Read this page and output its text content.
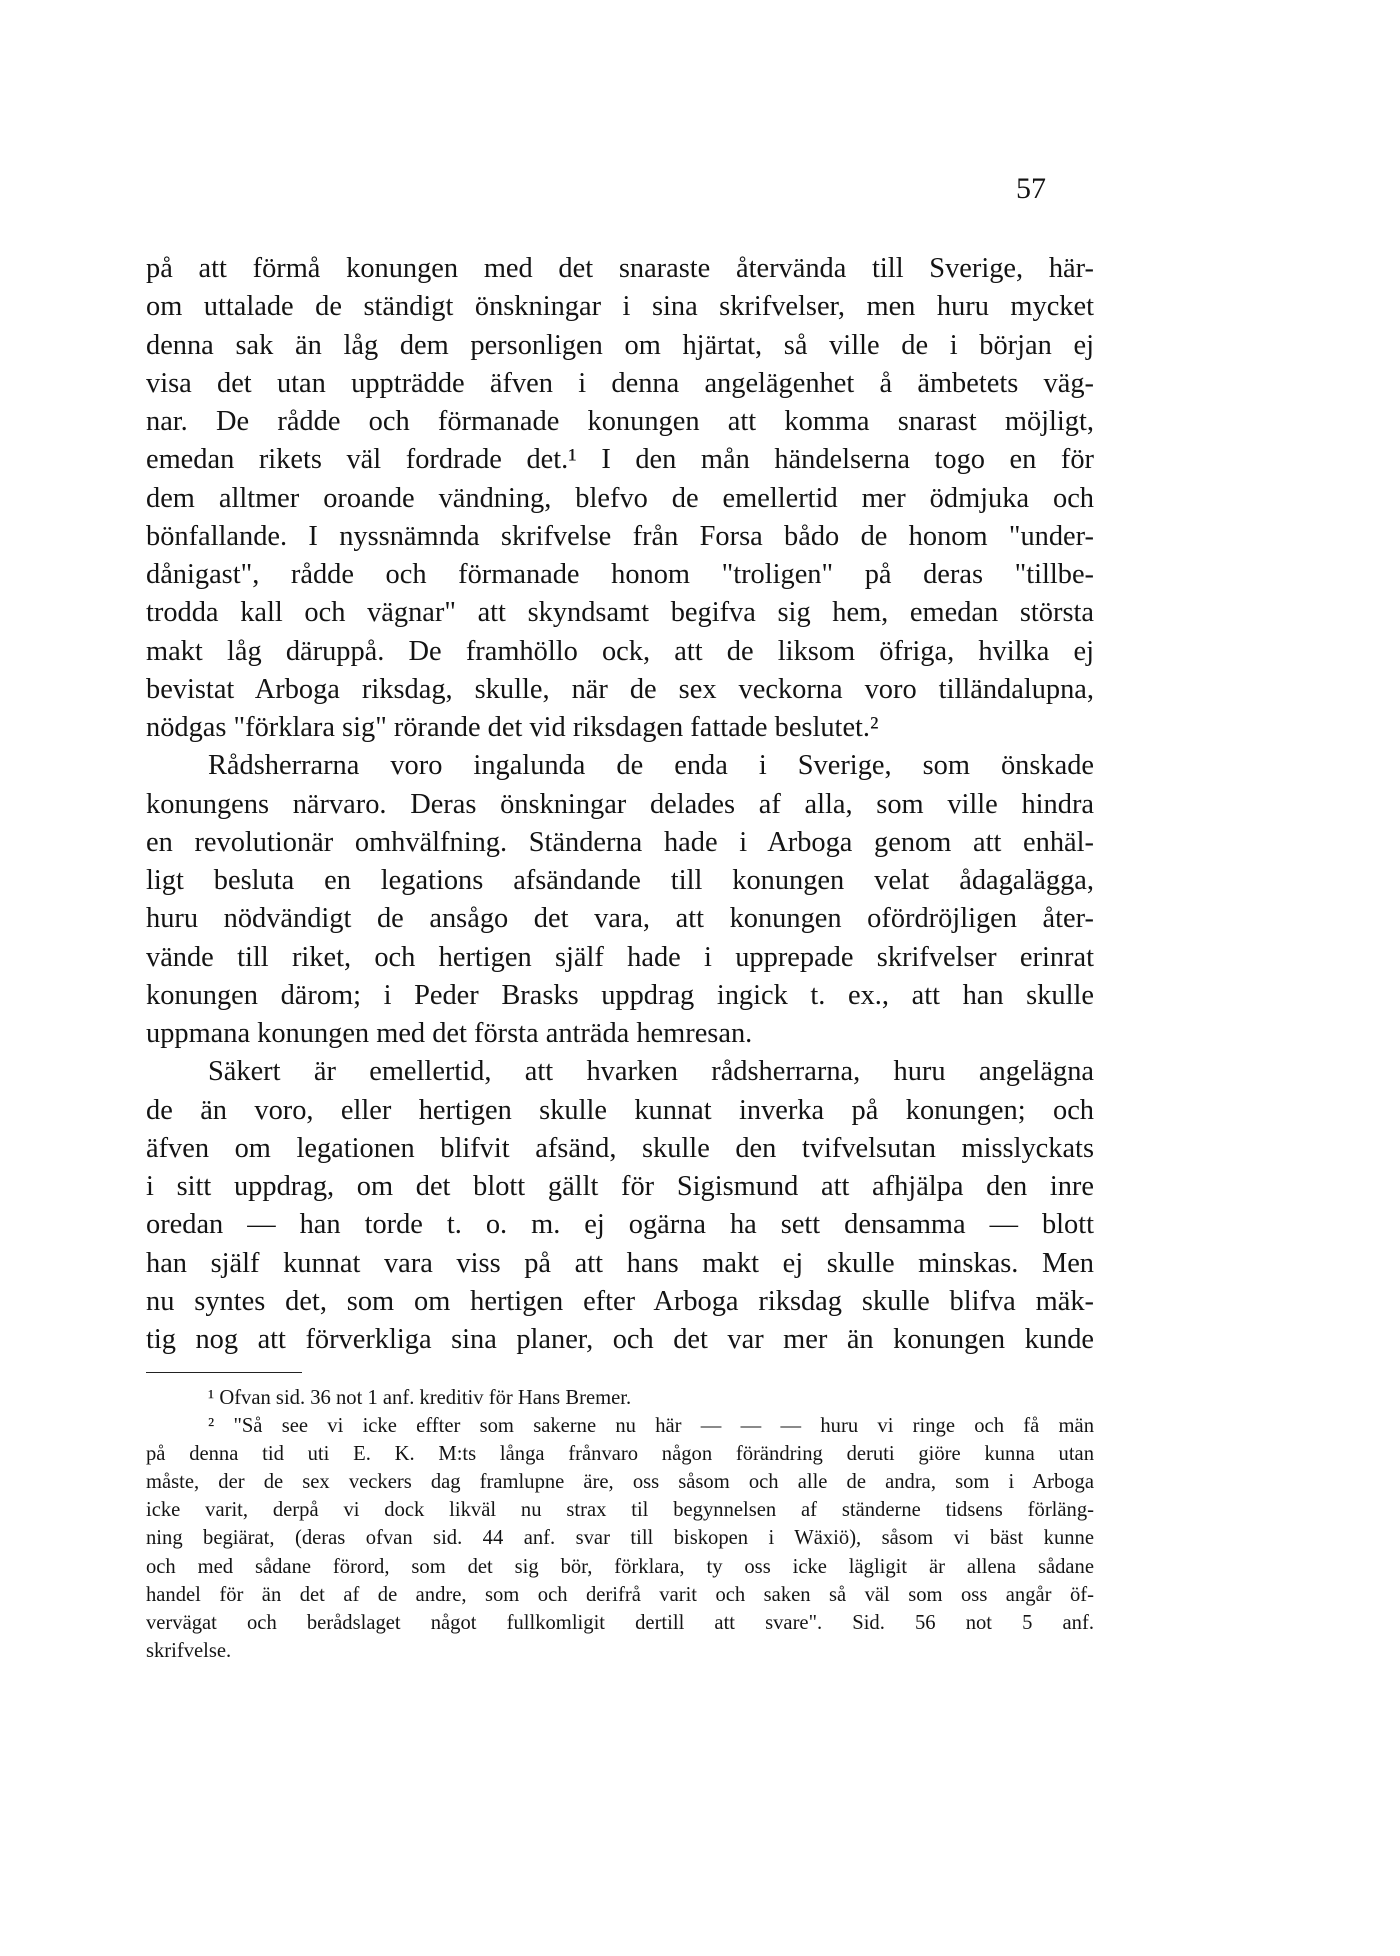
57
på att förmå konungen med det snaraste återvända till Sverige, här-
om uttalade de ständigt önskningar i sina skrifvelser, men huru mycket
denna sak än låg dem personligen om hjärtat, så ville de i början ej
visa det utan uppträdde äfven i denna angelägenhet å ämbetets väg-
nar. De rådde och förmanade konungen att komma snarast möjligt,
emedan rikets väl fordrade det.¹ I den mån händelserna togo en för
dem alltmer oroande vändning, blefvo de emellertid mer ödmjuka och
bönfallande. I nyssnämnda skrifvelse från Forsa bådo de honom "under-
dånigast", rådde och förmanade honom "troligen" på deras "tillbe-
trodda kall och vägnar" att skyndsamt begifva sig hem, emedan största
makt låg däruppå. De framhöllo ock, att de liksom öfriga, hvilka ej
bevistat Arboga riksdag, skulle, när de sex veckorna voro tilländalupna,
nödgas "förklara sig" rörande det vid riksdagen fattade beslutet.²
Rådsherrarna voro ingalunda de enda i Sverige, som önskade
konungens närvaro. Deras önskningar delades af alla, som ville hindra
en revolutionär omhvälfning. Ständerna hade i Arboga genom att enhäl-
ligt besluta en legations afsändande till konungen velat ådagalägga,
huru nödvändigt de ansågo det vara, att konungen ofördröjligen åter-
vände till riket, och hertigen själf hade i upprepade skrifvelser erinrat
konungen därom; i Peder Brasks uppdrag ingick t. ex., att han skulle
uppmana konungen med det första anträda hemresan.
Säkert är emellertid, att hvarken rådsherrarna, huru angelägna
de än voro, eller hertigen skulle kunnat inverka på konungen; och
äfven om legationen blifvit afsänd, skulle den tvifvelsutan misslyckats
i sitt uppdrag, om det blott gällt för Sigismund att afhjälpa den inre
oredan — han torde t. o. m. ej ogärna ha sett densamma — blott
han själf kunnat vara viss på att hans makt ej skulle minskas. Men
nu syntes det, som om hertigen efter Arboga riksdag skulle blifva mäk-
tig nog att förverkliga sina planer, och det var mer än konungen kunde
¹ Ofvan sid. 36 not 1 anf. kreditiv för Hans Bremer.
² "Så see vi icke effter som sakerne nu här — — — huru vi ringe och få män
på denna tid uti E. K. M:ts långa frånvaro någon förändring deruti giöre kunna utan
måste, der de sex veckers dag framlupne äre, oss såsom och alle de andra, som i Arboga
icke varit, derpå vi dock likväl nu strax til begynnelsen af ständerne tidsens förläng-
ning begiärat, (deras ofvan sid. 44 anf. svar till biskopen i Wäxiö), såsom vi bäst kunne
och med sådane förord, som det sig bör, förklara, ty oss icke lägligit är allena sådane
handel för än det af de andre, som och derifrå varit och saken så väl som oss angår öf-
vervägat och berådslaget något fullkomligit dertill att svare". Sid. 56 not 5 anf.
skrifvelse.
